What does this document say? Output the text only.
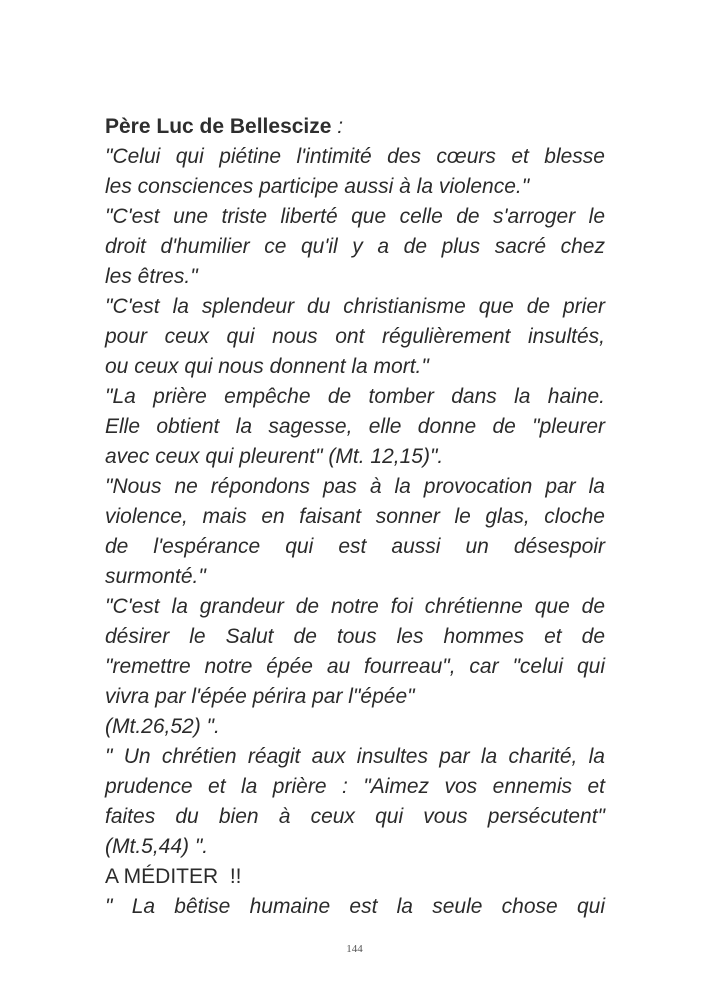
Père Luc de Bellescize :
"Celui qui piétine l'intimité des cœurs et blesse
les consciences participe aussi à la violence."
"C'est une triste liberté que celle de s'arroger le
droit d'humilier ce qu'il y a de plus sacré chez
les êtres."
"C'est la splendeur du christianisme que de prier
pour ceux qui nous ont régulièrement insultés,
ou ceux qui nous donnent la mort."
"La prière empêche de tomber dans la haine.
Elle obtient la sagesse, elle donne de "pleurer
avec ceux qui pleurent" (Mt. 12,15)".
"Nous ne répondons pas à la provocation par la
violence, mais en faisant sonner le glas, cloche
de l'espérance qui est aussi un désespoir
surmonté."
"C'est la grandeur de notre foi chrétienne que de
désirer le Salut de tous les hommes et de
"remettre notre épée au fourreau", car "celui qui
vivra par l'épée périra par l"épée"
(Mt.26,52) ".
" Un chrétien réagit aux insultes par la charité, la
prudence et la prière : "Aimez vos ennemis et
faites du bien à ceux qui vous persécutent"
(Mt.5,44) ".
A MÉDITER  !!
" La bêtise humaine est la seule chose qui
144
